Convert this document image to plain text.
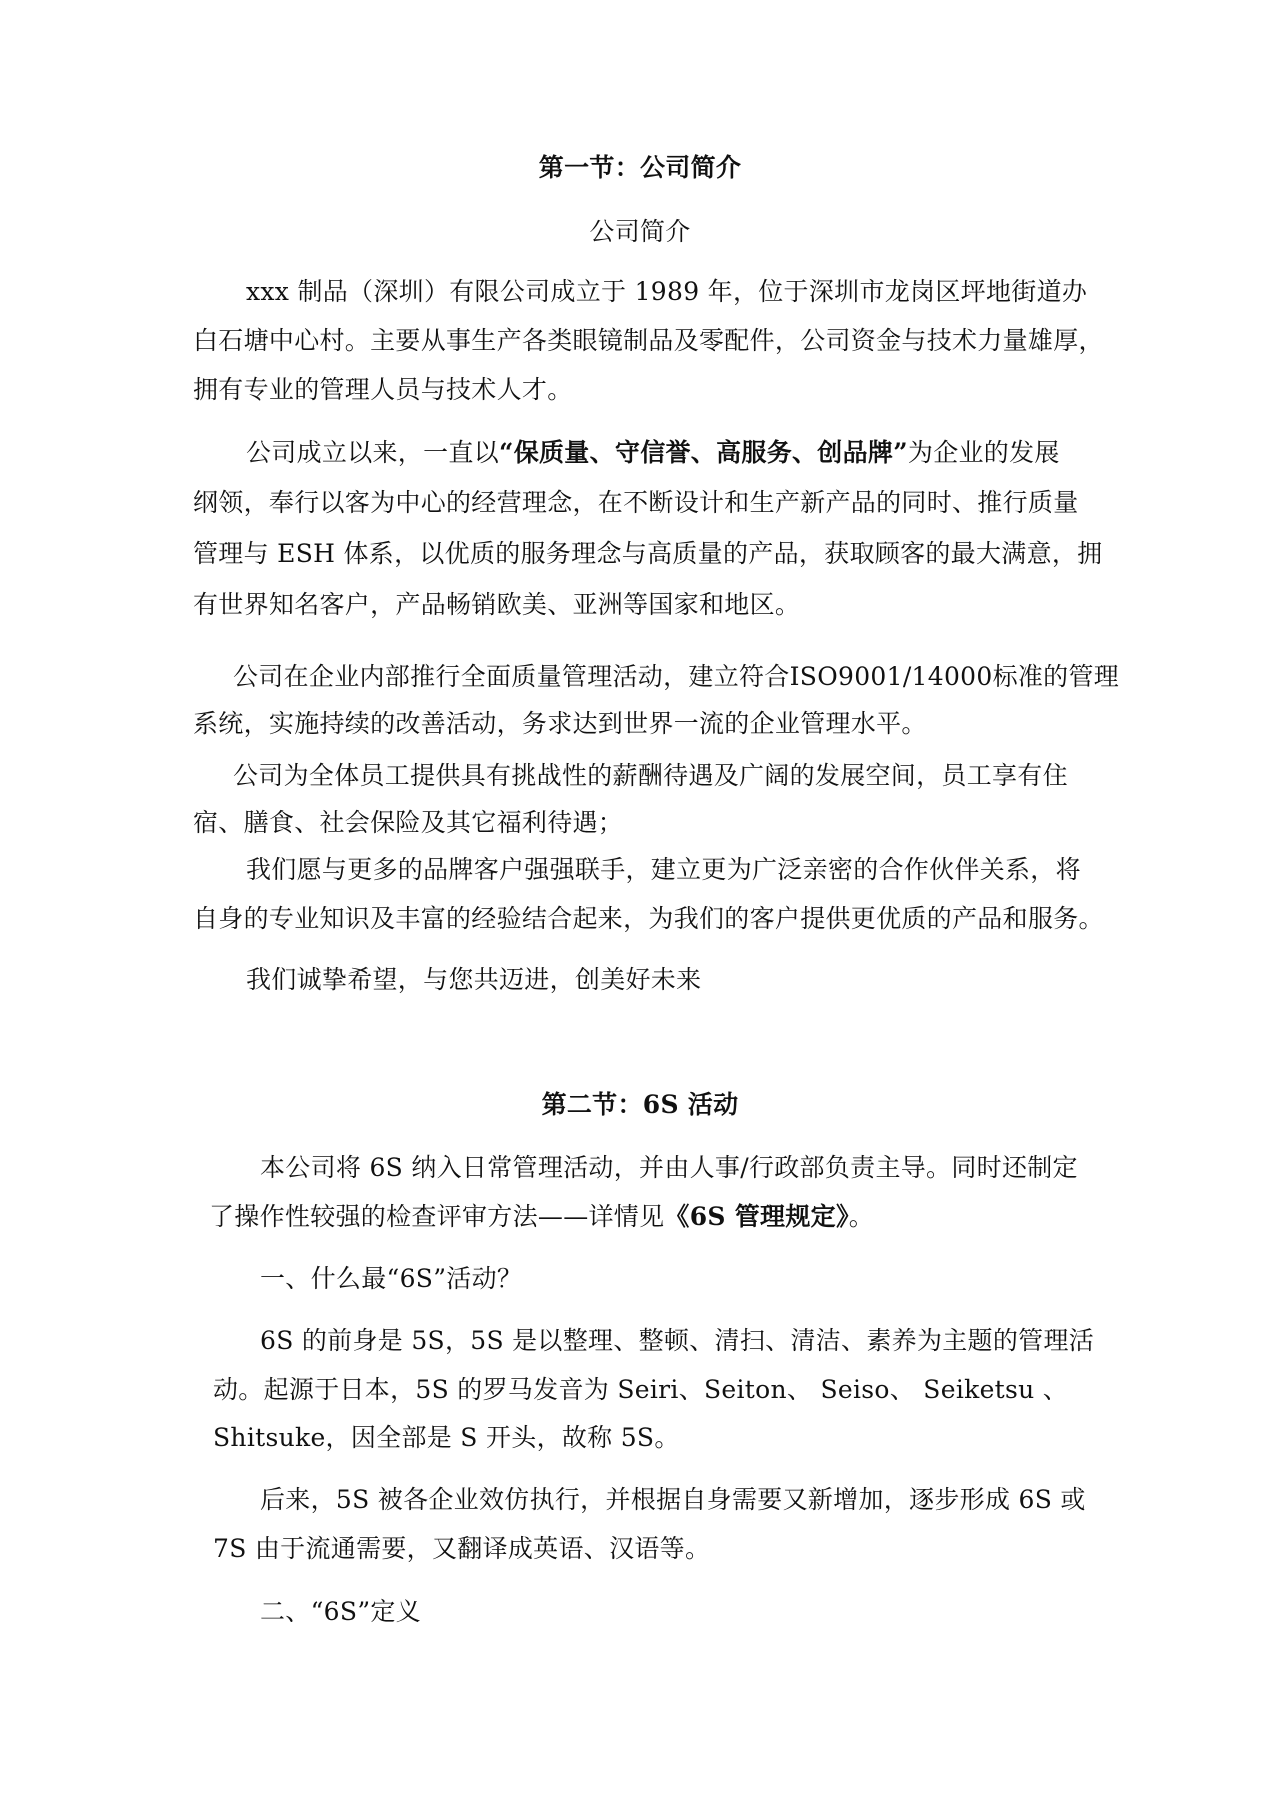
第一节：公司简介

公司简介

xxx 制品（深圳）有限公司成立于 1989 年，位于深圳市龙岗区坪地街道办

白石塘中心村。主要从事生产各类眼镜制品及零配件，公司资金与技术力量雄厚，

拥有专业的管理人员与技术人才。

公司成立以来，一直以“保质量、守信誉、高服务、创品牌”为企业的发展

纲领，奉行以客为中心的经营理念，在不断设计和生产新产品的同时、推行质量

管理与 ESH 体系，以优质的服务理念与高质量的产品，获取顾客的最大满意，拥

有世界知名客户，产品畅销欧美、亚洲等国家和地区。

公司在企业内部推行全面质量管理活动，建立符合ISO9001/14000标准的管理

系统，实施持续的改善活动，务求达到世界一流的企业管理水平。

公司为全体员工提供具有挑战性的薪酬待遇及广阔的发展空间，员工享有住

宿、膳食、社会保险及其它福利待遇；

我们愿与更多的品牌客户强强联手，建立更为广泛亲密的合作伙伴关系，将

自身的专业知识及丰富的经验结合起来，为我们的客户提供更优质的产品和服务。

我们诚挚希望，与您共迈进，创美好未来

第二节：6S 活动

本公司将 6S 纳入日常管理活动，并由人事/行政部负责主导。同时还制定

了操作性较强的检查评审方法——详情见《6S 管理规定》。

一、什么最“6S”活动？

6S 的前身是 5S，5S 是以整理、整顿、清扫、清洁、素养为主题的管理活

动。起源于日本，5S 的罗马发音为 Seiri、Seiton、 Seiso、 Seiketsu 、

Shitsuke，因全部是 S 开头，故称 5S。

后来，5S 被各企业效仿执行，并根据自身需要又新增加，逐步形成 6S 或

7S 由于流通需要，又翻译成英语、汉语等。

二、“6S”定义
